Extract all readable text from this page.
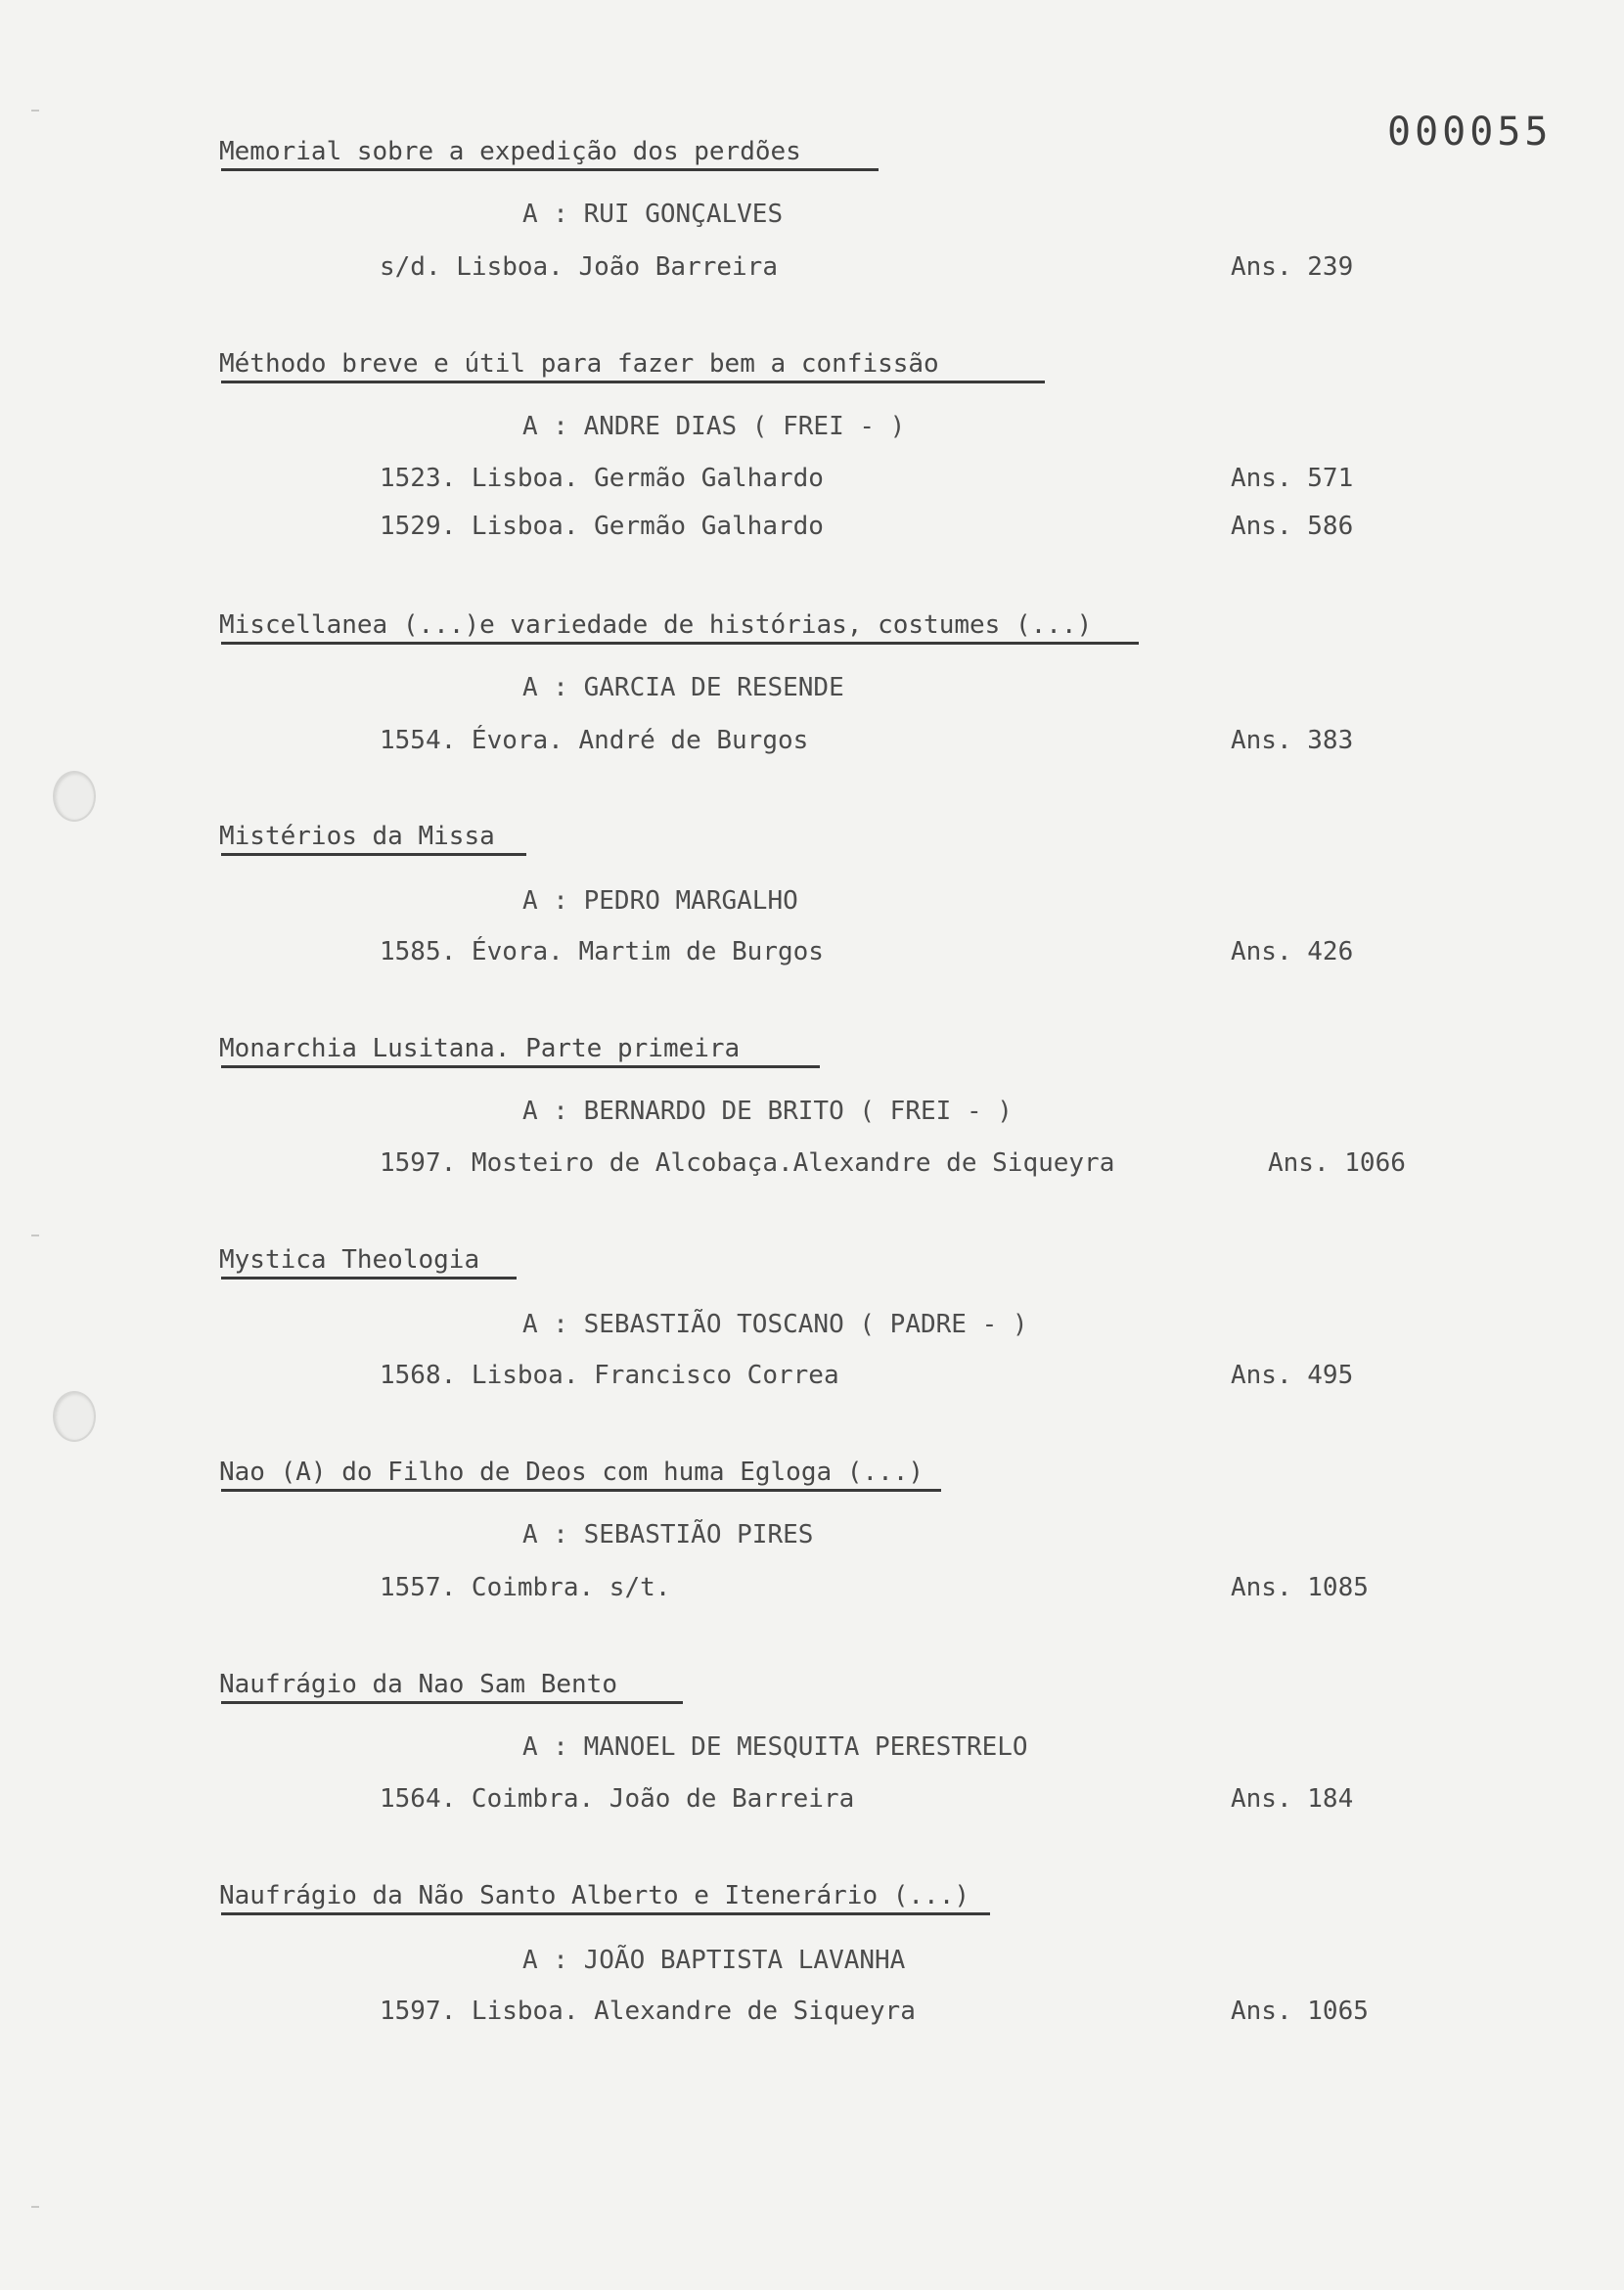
000055
Memorial sobre a expedição dos perdões
A : RUI GONÇALVES
s/d. Lisboa. João Barreira	Ans. 239
Méthodo breve e útil para fazer bem a confissão
A : ANDRE DIAS ( FREI - )
1523. Lisboa. Germão Galhardo	Ans. 571
1529. Lisboa. Germão Galhardo	Ans. 586
Miscellanea (...)e variedade de histórias, costumes (...)
A : GARCIA DE RESENDE
1554. Évora. André de Burgos	Ans. 383
Mistérios da Missa
A : PEDRO MARGALHO
1585. Évora. Martim de Burgos	Ans. 426
Monarchia Lusitana. Parte primeira
A : BERNARDO DE BRITO ( FREI - )
1597. Mosteiro de Alcobaça.Alexandre de Siqueyra	Ans. 1066
Mystica Theologia
A : SEBASTIÃO TOSCANO ( PADRE - )
1568. Lisboa. Francisco Correa	Ans. 495
Nao (A) do Filho de Deos com huma Egloga (...)
A : SEBASTIÃO PIRES
1557. Coimbra. s/t.	Ans. 1085
Naufrágio da Nao Sam Bento
A : MANOEL DE MESQUITA PERESTRELO
1564. Coimbra. João de Barreira	Ans. 184
Naufrágio da Não Santo Alberto e Itenerário (...)
A : JOÃO BAPTISTA LAVANHA
1597. Lisboa. Alexandre de Siqueyra	Ans. 1065
